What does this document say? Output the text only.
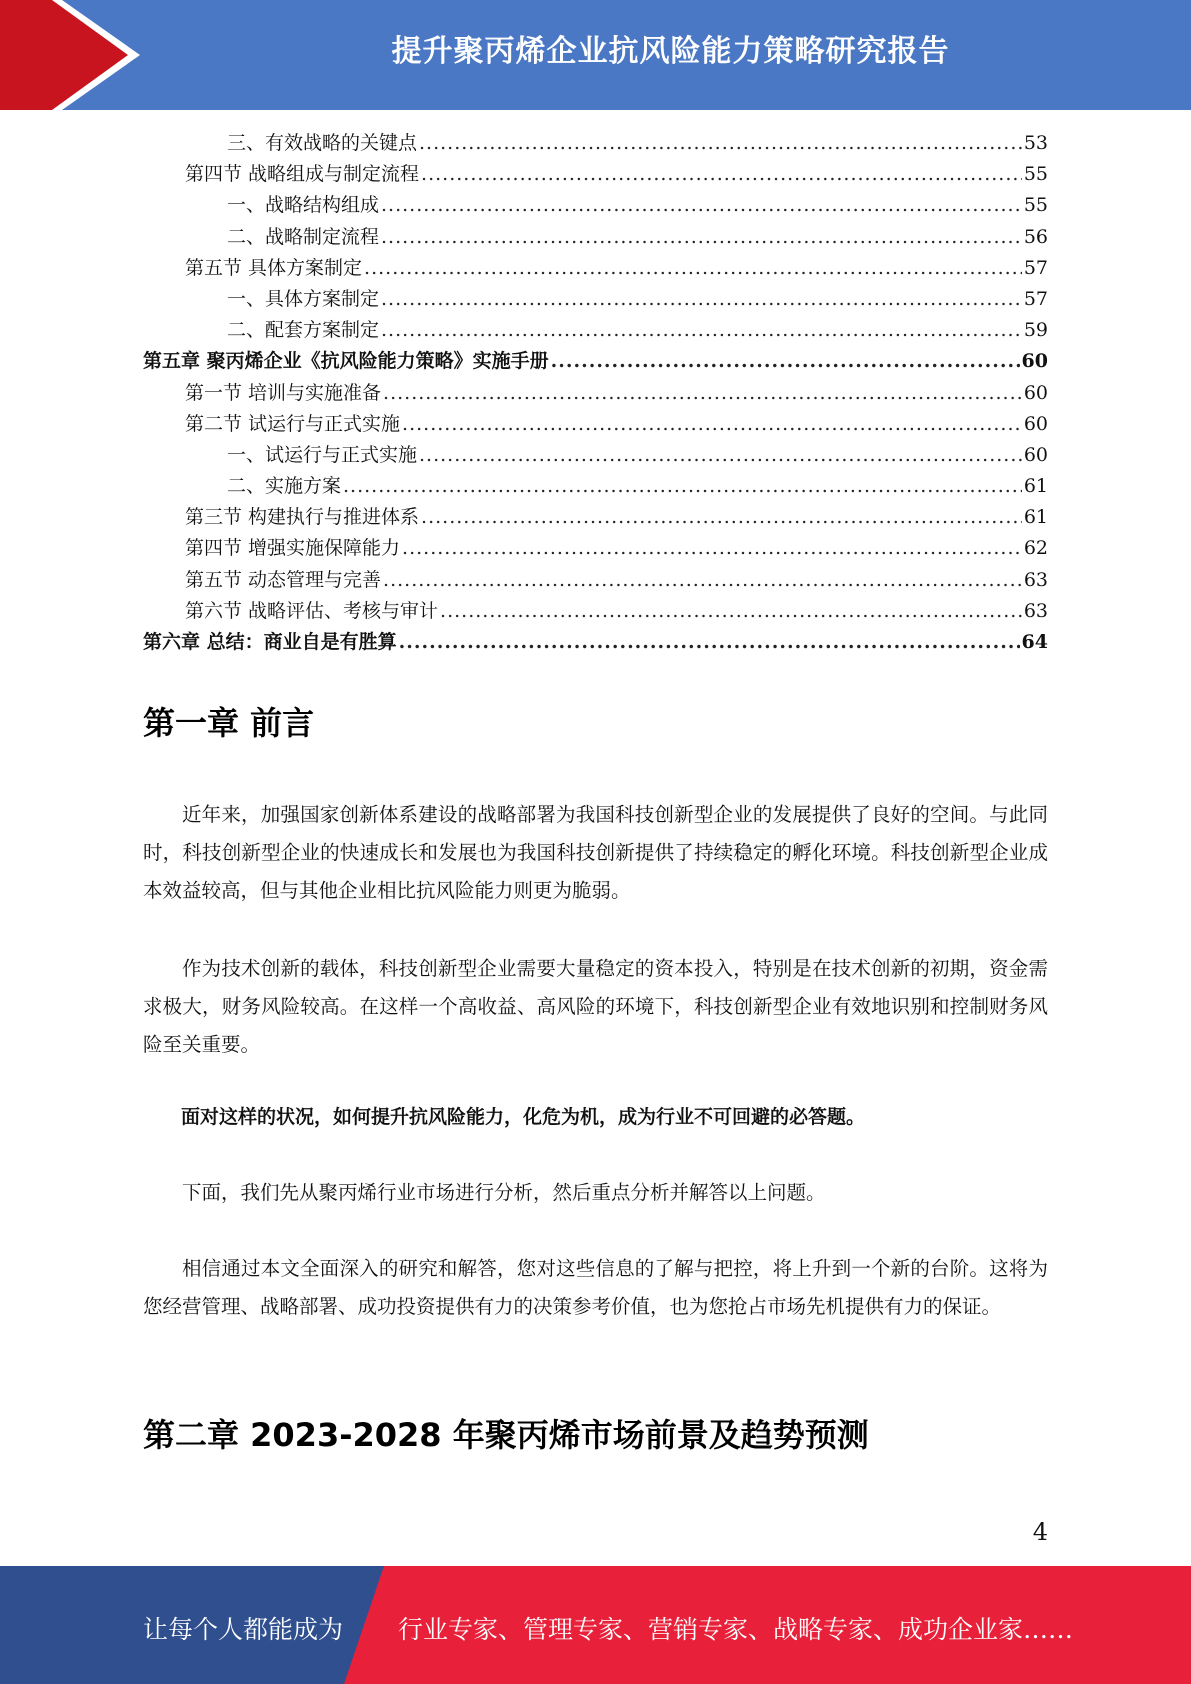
提升聚丙烯企业抗风险能力策略研究报告
三、有效战略的关键点 .....	53
第四节 战略组成与制定流程 .....	55
一、战略结构组成 .....	55
二、战略制定流程 .....	56
第五节 具体方案制定 .....	57
一、具体方案制定 .....	57
二、配套方案制定 .....	59
第五章 聚丙烯企业《抗风险能力策略》实施手册 .....	60
第一节 培训与实施准备 .....	60
第二节 试运行与正式实施 .....	60
一、试运行与正式实施 .....	60
二、实施方案 .....	61
第三节 构建执行与推进体系 .....	61
第四节 增强实施保障能力 .....	62
第五节 动态管理与完善 .....	63
第六节 战略评估、考核与审计 .....	63
第六章 总结：商业自是有胜算 .....	64
第一章 前言
近年来，加强国家创新体系建设的战略部署为我国科技创新型企业的发展提供了良好的空间。与此同时，科技创新型企业的快速成长和发展也为我国科技创新提供了持续稳定的孵化环境。科技创新型企业成本效益较高，但与其他企业相比抗风险能力则更为脆弱。
作为技术创新的载体，科技创新型企业需要大量稳定的资本投入，特别是在技术创新的初期，资金需求极大，财务风险较高。在这样一个高收益、高风险的环境下，科技创新型企业有效地识别和控制财务风险至关重要。
面对这样的状况，如何提升抗风险能力，化危为机，成为行业不可回避的必答题。
下面，我们先从聚丙烯行业市场进行分析，然后重点分析并解答以上问题。
相信通过本文全面深入的研究和解答，您对这些信息的了解与把控，将上升到一个新的台阶。这将为您经营管理、战略部署、成功投资提供有力的决策参考价值，也为您抢占市场先机提供有力的保证。
第二章 2023-2028 年聚丙烯市场前景及趋势预测
4
让每个人都能成为 行业专家、管理专家、营销专家、战略专家、成功企业家……
